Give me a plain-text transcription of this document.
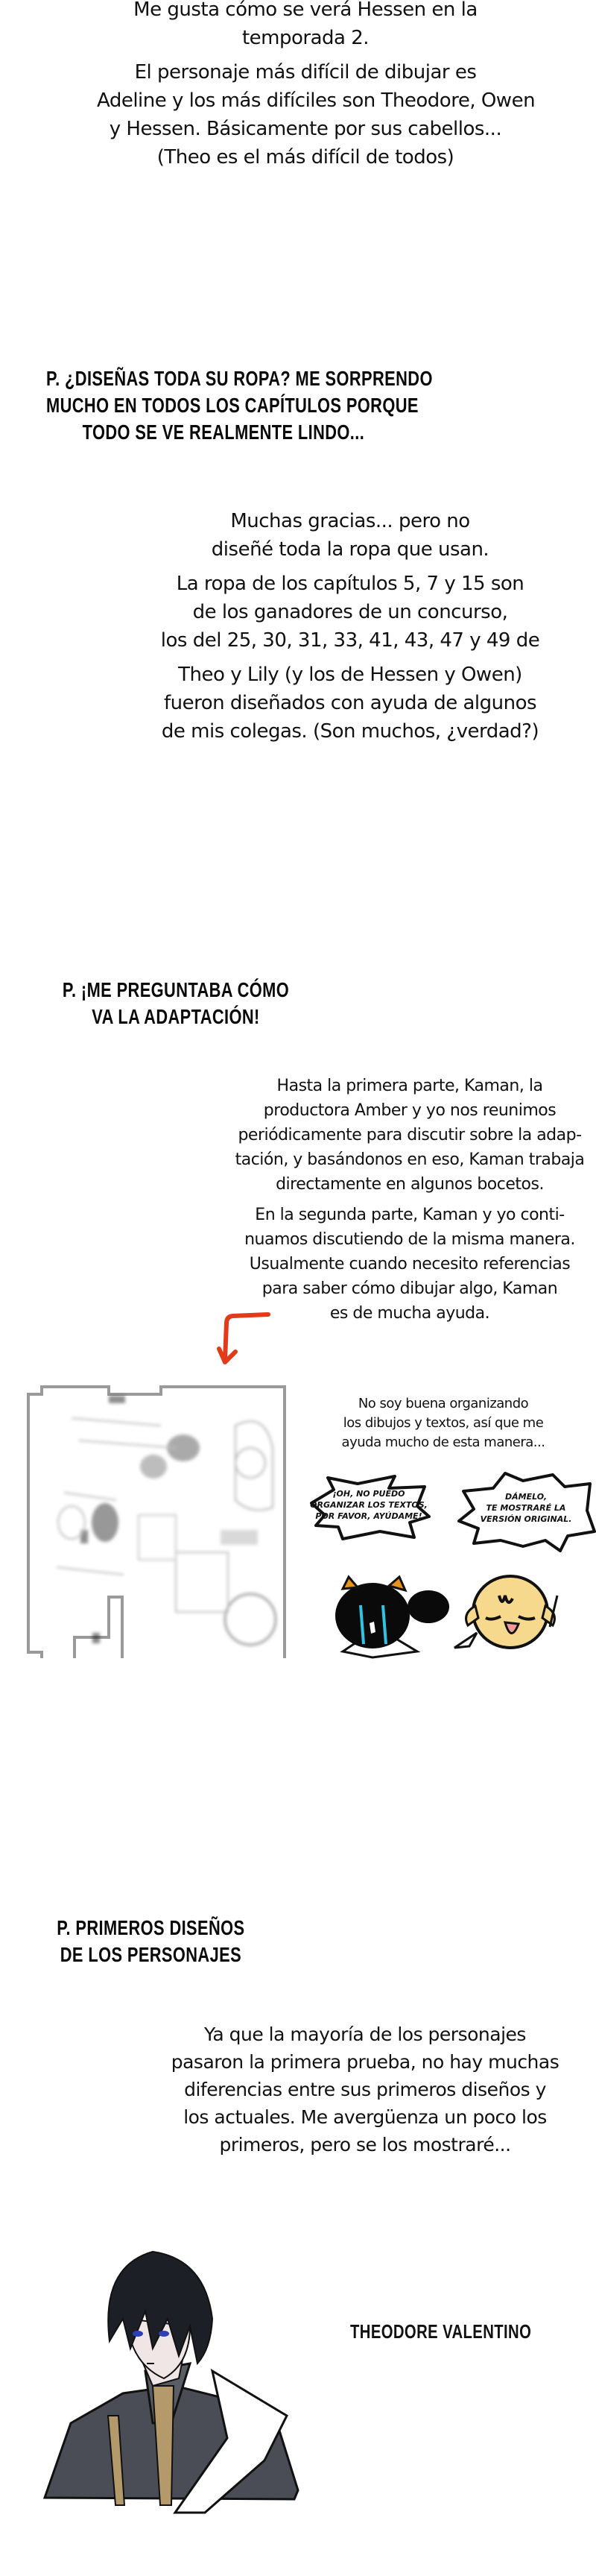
Me gusta cómo se verá Hessen en la
temporada 2.

El personaje más difícil de dibujar es
Adeline y los más difíciles son Theodore, Owen
y Hessen. Básicamente por sus cabellos...
(Theo es el más difícil de todos)

P. ¿DISEÑAS TODA SU ROPA? ME SORPRENDO
MUCHO EN TODOS LOS CAPÍTULOS PORQUE
TODO SE VE REALMENTE LINDO...

Muchas gracias... pero no
diseñé toda la ropa que usan.

La ropa de los capítulos 5, 7 y 15 son
de los ganadores de un concurso,
los del 25, 30, 31, 33, 41, 43, 47 y 49 de

Theo y Lily (y los de Hessen y Owen)
fueron diseñados con ayuda de algunos
de mis colegas. (Son muchos, ¿verdad?)

P. ¡ME PREGUNTABA CÓMO
VA LA ADAPTACIÓN!

Hasta la primera parte, Kaman, la
productora Amber y yo nos reunimos
periódicamente para discutir sobre la adap-
tación, y basándonos en eso, Kaman trabaja
directamente en algunos bocetos.

En la segunda parte, Kaman y yo conti-
nuamos discutiendo de la misma manera.
Usualmente cuando necesito referencias
para saber cómo dibujar algo, Kaman
es de mucha ayuda.

No soy buena organizando
los dibujos y textos, así que me
ayuda mucho de esta manera...
¡OH, NO PUEDO
ORGANIZAR LOS TEXTOS,
POR FAVOR, AYÚDAME!
DÁMELO,
TE MOSTRARÉ LA
VERSIÓN ORIGINAL.
P. PRIMEROS DISEÑOS
DE LOS PERSONAJES
Ya que la mayoría de los personajes
pasaron la primera prueba, no hay muchas
diferencias entre sus primeros diseños y
los actuales. Me avergüenza un poco los
primeros, pero se los mostraré...
THEODORE VALENTINO
